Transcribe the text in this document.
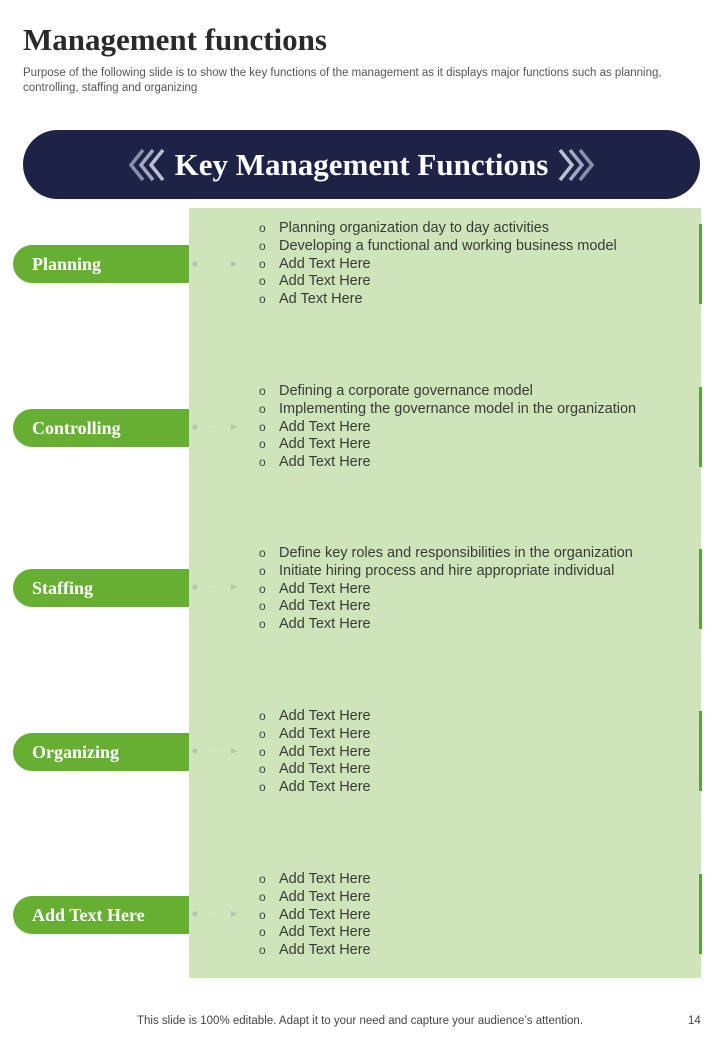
Management functions
Purpose of the following slide is to show the key functions of the management as it displays major functions such as planning, controlling, staffing and organizing
Key Management Functions
Planning
o Planning organization day to day activities
o Developing a functional and working business model
o Add Text Here
o Add Text Here
o Ad Text Here
Controlling
o Defining a corporate governance model
o Implementing the governance model in the organization
o Add Text Here
o Add Text Here
o Add Text Here
Staffing
o Define key roles and responsibilities in the organization
o Initiate hiring process and hire appropriate individual
o Add Text Here
o Add Text Here
o Add Text Here
Organizing
o Add Text Here
o Add Text Here
o Add Text Here
o Add Text Here
o Add Text Here
Add Text Here
o Add Text Here
o Add Text Here
o Add Text Here
o Add Text Here
o Add Text Here
This slide is 100% editable. Adapt it to your need and capture your audience’s attention.	14
